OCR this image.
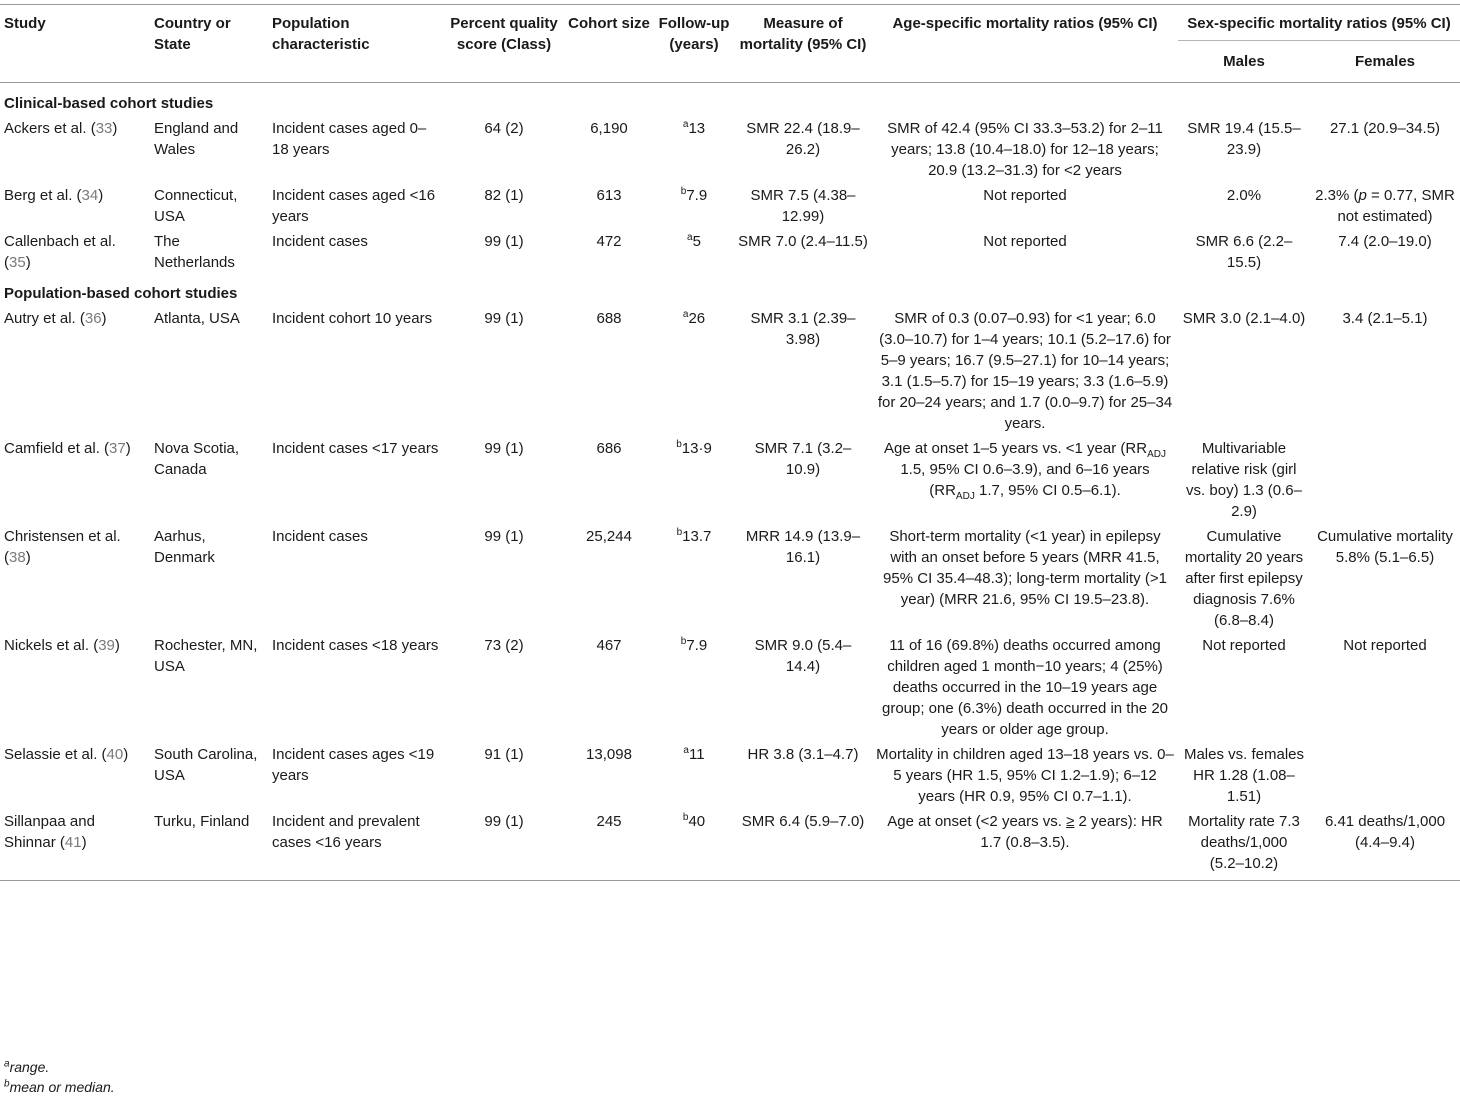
Study	Country or State	Population characteristic	Percent quality score (Class)	Cohort size	Follow-up (years)	Measure of mortality (95% CI)	Age-specific mortality ratios (95% CI)	Sex-specific mortality ratios (95% CI)	
								Males	Females
Clinical-based cohort studies									
Ackers et al. (33)	England and Wales	Incident cases aged 0–18 years	64 (2)	6,190	$^a$13	SMR 22.4 (18.9–26.2)	SMR of 42.4 (95% CI 33.3–53.2) for 2–11 years; 13.8 (10.4–18.0) for 12–18 years; 20.9 (13.2–31.3) for <2 years	SMR 19.4 (15.5–23.9)	27.1 (20.9–34.5)
Berg et al. (34)	Connecticut, USA	Incident cases aged <16 years	82 (1)	613	$^b$7.9	SMR 7.5 (4.38–12.99)	Not reported	2.0%	2.3% (p = 0.77, SMR not estimated)
Callenbach et al. (35)	The Netherlands	Incident cases	99 (1)	472	$^a$5	SMR 7.0 (2.4–11.5)	Not reported	SMR 6.6 (2.2–15.5)	7.4 (2.0–19.0)
Population-based cohort studies									
Autry et al. (36)	Atlanta, USA	Incident cohort 10 years	99 (1)	688	$^a$26	SMR 3.1 (2.39–3.98)	SMR of 0.3 (0.07–0.93) for <1 year; 6.0 (3.0–10.7) for 1–4 years; 10.1 (5.2–17.6) for 5–9 years; 16.7 (9.5–27.1) for 10–14 years; 3.1 (1.5–5.7) for 15–19 years; 3.3 (1.6–5.9) for 20–24 years; and 1.7 (0.0–9.7) for 25–34 years.	SMR 3.0 (2.1–4.0)	3.4 (2.1–5.1)
Camfield et al. (37)	Nova Scotia, Canada	Incident cases <17 years	99 (1)	686	$^b$13·9	SMR 7.1 (3.2–10.9)	Age at onset 1–5 years vs. <1 year ($RR_{ADJ}$ 1.5, 95% CI 0.6–3.9), and 6–16 years ($RR_{ADJ}$ 1.7, 95% CI 0.5–6.1).	Multivariable relative risk (girl vs. boy) 1.3 (0.6–2.9)	
Christensen et al. (38)	Aarhus, Denmark	Incident cases	99 (1)	25,244	$^b$13.7	MRR 14.9 (13.9–16.1)	Short-term mortality (<1 year) in epilepsy with an onset before 5 years (MRR 41.5, 95% CI 35.4–48.3); long-term mortality (>1 year) (MRR 21.6, 95% CI 19.5–23.8).	Cumulative mortality 20 years after first epilepsy diagnosis 7.6% (6.8–8.4)	Cumulative mortality 5.8% (5.1–6.5)
Nickels et al. (39)	Rochester, MN, USA	Incident cases <18 years	73 (2)	467	$^b$7.9	SMR 9.0 (5.4–14.4)	11 of 16 (69.8%) deaths occurred among children aged 1 month−10 years; 4 (25%) deaths occurred in the 10–19 years age group; one (6.3%) death occurred in the 20 years or older age group.	Not reported	Not reported
Selassie et al. (40)	South Carolina, USA	Incident cases ages <19 years	91 (1)	13,098	$^a$11	HR 3.8 (3.1–4.7)	Mortality in children aged 13–18 years vs. 0–5 years (HR 1.5, 95% CI 1.2–1.9); 6–12 years (HR 0.9, 95% CI 0.7–1.1).	Males vs. females HR 1.28 (1.08–1.51)	
Sillanpaa and Shinnar (41)	Turku, Finland	Incident and prevalent cases <16 years	99 (1)	245	$^b$40	SMR 6.4 (5.9–7.0)	Age at onset (<2 years vs. ≥ 2 years): HR 1.7 (0.8–3.5).	Mortality rate 7.3 deaths/1,000 (5.2–10.2)	6.41 deaths/1,000 (4.4–9.4)
$^a$range.
$^b$mean or median.
